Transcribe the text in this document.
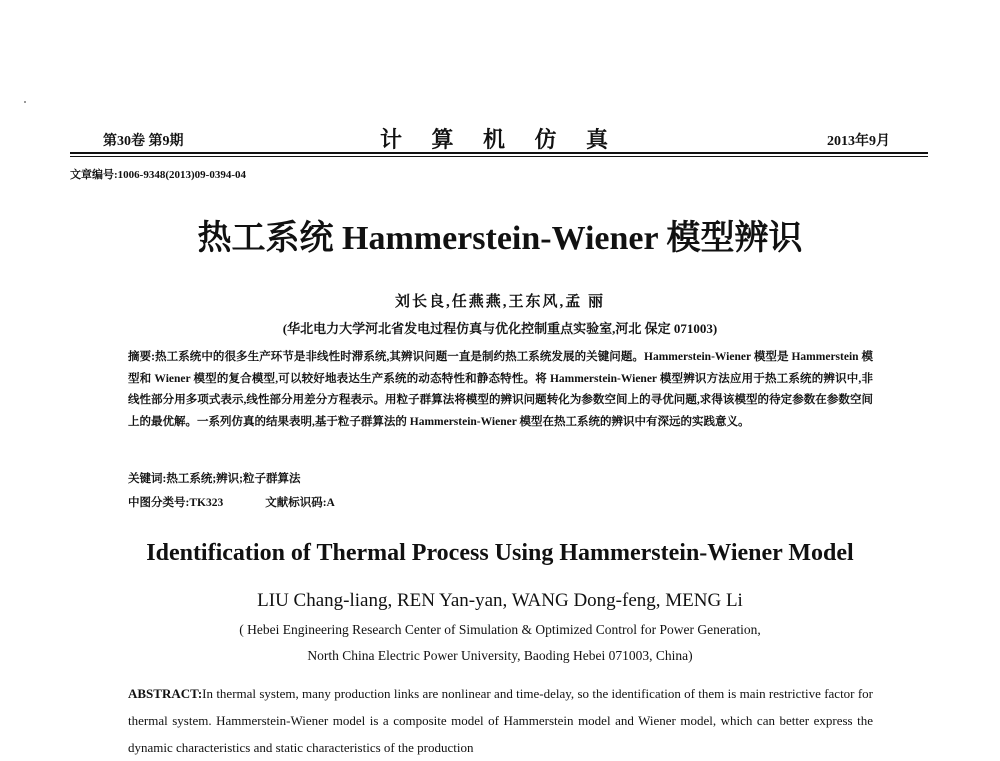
第30卷 第9期	计 算 机 仿 真	2013年9月
文章编号:1006-9348(2013)09-0394-04
热工系统 Hammerstein-Wiener 模型辨识
刘长良,任燕燕,王东风,孟 丽
(华北电力大学河北省发电过程仿真与优化控制重点实验室,河北 保定 071003)
摘要:热工系统中的很多生产环节是非线性时滞系统,其辨识问题一直是制约热工系统发展的关键问题。Hammerstein-Wiener 模型是 Hammerstein 模型和 Wiener 模型的复合模型,可以较好地表达生产系统的动态特性和静态特性。将 Hammerstein-Wiener 模型辨识方法应用于热工系统的辨识中,非线性部分用多项式表示,线性部分用差分方程表示。用粒子群算法将模型的辨识问题转化为参数空间上的寻优问题,求得该模型的待定参数在参数空间上的最优解。一系列仿真的结果表明,基于粒子群算法的 Hammerstein-Wiener 模型在热工系统的辨识中有深远的实践意义。
关键词:热工系统;辨识;粒子群算法
中图分类号:TK323	文献标识码:A
Identification of Thermal Process Using Hammerstein-Wiener Model
LIU Chang-liang, REN Yan-yan, WANG Dong-feng, MENG Li
( Hebei Engineering Research Center of Simulation & Optimized Control for Power Generation,
North China Electric Power University, Baoding Hebei 071003, China)
ABSTRACT:In thermal system, many production links are nonlinear and time-delay, so the identification of them is main restrictive factor for thermal system. Hammerstein-Wiener model is a composite model of Hammerstein model and Wiener model, which can better express the dynamic characteristics and static characteristics of the production
